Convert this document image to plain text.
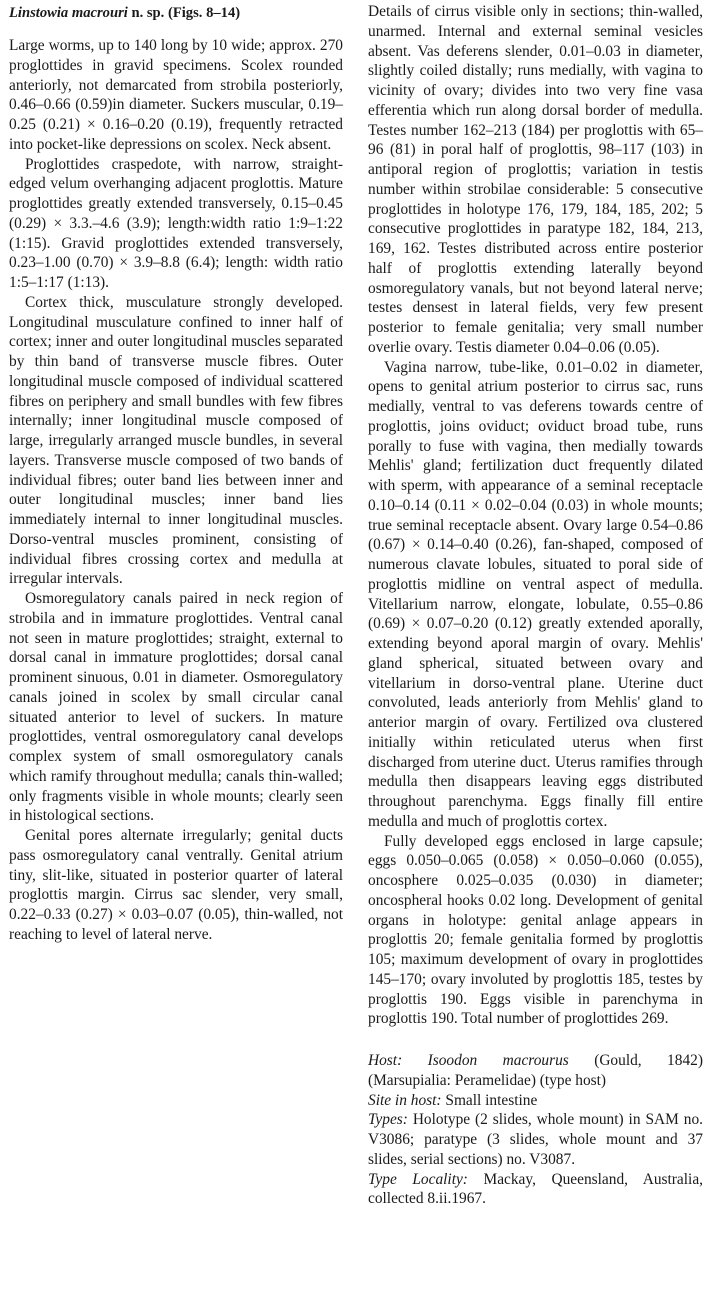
Linstowia macrouri n. sp. (Figs. 8–14)

Large worms, up to 140 long by 10 wide; approx. 270 proglottides in gravid specimens. Scolex rounded anteriorly, not demarcated from strobila posteriorly, 0.46–0.66 (0.59)in diameter. Suckers muscular, 0.19–0.25 (0.21) × 0.16–0.20 (0.19), frequently retracted into pocket-like depressions on scolex. Neck absent.

Proglottides craspedote, with narrow, straight-edged velum overhanging adjacent proglottis. Mature proglottides greatly extended transversely, 0.15–0.45 (0.29) × 3.3.–4.6 (3.9); length:width ratio 1:9–1:22 (1:15). Gravid proglottides extended transversely, 0.23–1.00 (0.70) × 3.9–8.8 (6.4); length: width ratio 1:5–1:17 (1:13).

Cortex thick, musculature strongly developed. Longitudinal musculature confined to inner half of cortex; inner and outer longitudinal muscles separated by thin band of transverse muscle fibres. Outer longitudinal muscle composed of individual scattered fibres on periphery and small bundles with few fibres internally; inner longitudinal muscle composed of large, irregularly arranged muscle bundles, in several layers. Transverse muscle composed of two bands of individual fibres; outer band lies between inner and outer longitudinal muscles; inner band lies immediately internal to inner longitudinal muscles. Dorso-ventral muscles prominent, consisting of individual fibres crossing cortex and medulla at irregular intervals.

Osmoregulatory canals paired in neck region of strobila and in immature proglottides. Ventral canal not seen in mature proglottides; straight, external to dorsal canal in immature proglottides; dorsal canal prominent sinuous, 0.01 in diameter. Osmoregulatory canals joined in scolex by small circular canal situated anterior to level of suckers. In mature proglottides, ventral osmoregulatory canal develops complex system of small osmoregulatory canals which ramify throughout medulla; canals thin-walled; only fragments visible in whole mounts; clearly seen in histological sections.

Genital pores alternate irregularly; genital ducts pass osmoregulatory canal ventrally. Genital atrium tiny, slit-like, situated in posterior quarter of lateral proglottis margin. Cirrus sac slender, very small, 0.22–0.33 (0.27) × 0.03–0.07 (0.05), thin-walled, not reaching to level of lateral nerve.

Details of cirrus visible only in sections; thin-walled, unarmed. Internal and external seminal vesicles absent. Vas deferens slender, 0.01–0.03 in diameter, slightly coiled distally; runs medially, with vagina to vicinity of ovary; divides into two very fine vasa efferentia which run along dorsal border of medulla. Testes number 162–213 (184) per proglottis with 65–96 (81) in poral half of proglottis, 98–117 (103) in antiporal region of proglottis; variation in testis number within strobilae considerable: 5 consecutive proglottides in holotype 176, 179, 184, 185, 202; 5 consecutive proglottides in paratype 182, 184, 213, 169, 162. Testes distributed across entire posterior half of proglottis extending laterally beyond osmoregulatory vanals, but not beyond lateral nerve; testes densest in lateral fields, very few present posterior to female genitalia; very small number overlie ovary. Testis diameter 0.04–0.06 (0.05).

Vagina narrow, tube-like, 0.01–0.02 in diameter, opens to genital atrium posterior to cirrus sac, runs medially, ventral to vas deferens towards centre of proglottis, joins oviduct; oviduct broad tube, runs porally to fuse with vagina, then medially towards Mehlis' gland; fertilization duct frequently dilated with sperm, with appearance of a seminal receptacle 0.10–0.14 (0.11 × 0.02–0.04 (0.03) in whole mounts; true seminal receptacle absent. Ovary large 0.54–0.86 (0.67) × 0.14–0.40 (0.26), fan-shaped, composed of numerous clavate lobules, situated to poral side of proglottis midline on ventral aspect of medulla. Vitellarium narrow, elongate, lobulate, 0.55–0.86 (0.69) × 0.07–0.20 (0.12) greatly extended aporally, extending beyond aporal margin of ovary. Mehlis' gland spherical, situated between ovary and vitellarium in dorso-ventral plane. Uterine duct convoluted, leads anteriorly from Mehlis' gland to anterior margin of ovary. Fertilized ova clustered initially within reticulated uterus when first discharged from uterine duct. Uterus ramifies through medulla then disappears leaving eggs distributed throughout parenchyma. Eggs finally fill entire medulla and much of proglottis cortex.

Fully developed eggs enclosed in large capsule; eggs 0.050–0.065 (0.058) × 0.050–0.060 (0.055), oncosphere 0.025–0.035 (0.030) in diameter; oncospheral hooks 0.02 long. Development of genital organs in holotype: genital anlage appears in proglottis 20; female genitalia formed by proglottis 105; maximum development of ovary in proglottides 145–170; ovary involuted by proglottis 185, testes by proglottis 190. Eggs visible in parenchyma in proglottis 190. Total number of proglottides 269.

Host: Isoodon macrourus (Gould, 1842) (Marsupialia: Peramelidae) (type host)
Site in host: Small intestine
Types: Holotype (2 slides, whole mount) in SAM no. V3086; paratype (3 slides, whole mount and 37 slides, serial sections) no. V3087.
Type Locality: Mackay, Queensland, Australia, collected 8.ii.1967.
